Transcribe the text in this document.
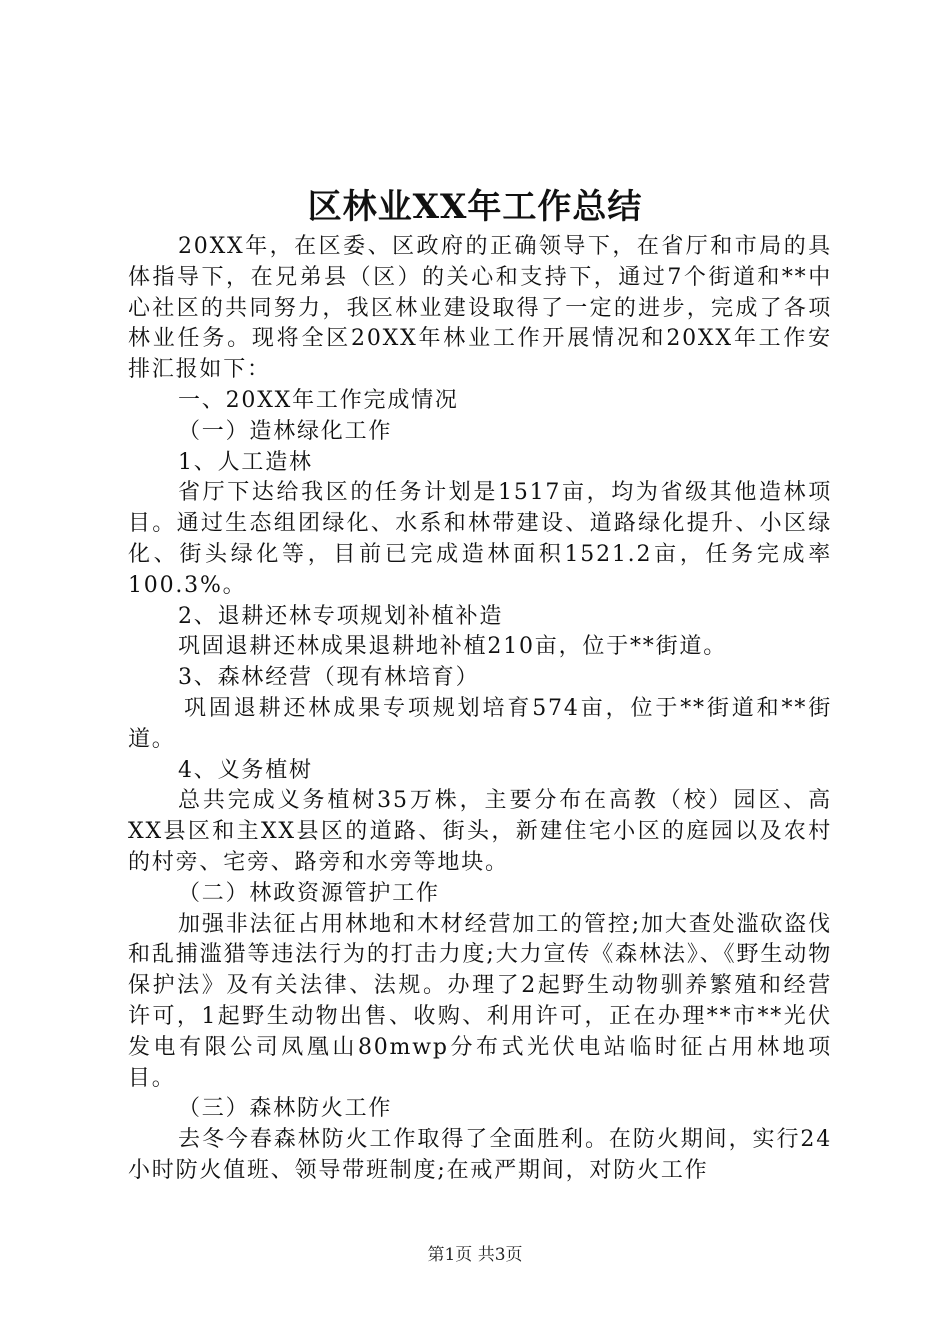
区林业XX年工作总结

20XX年，在区委、区政府的正确领导下，在省厅和市局的具体指导下，在兄弟县（区）的关心和支持下，通过7个街道和**中心社区的共同努力，我区林业建设取得了一定的进步，完成了各项林业任务。现将全区20XX年林业工作开展情况和20XX年工作安排汇报如下：

一、20XX年工作完成情况

（一）造林绿化工作

1、人工造林

省厅下达给我区的任务计划是1517亩，均为省级其他造林项目。通过生态组团绿化、水系和林带建设、道路绿化提升、小区绿化、街头绿化等，目前已完成造林面积1521.2亩，任务完成率100.3%。

2、退耕还林专项规划补植补造

巩固退耕还林成果退耕地补植210亩，位于**街道。

3、森林经营（现有林培育）

巩固退耕还林成果专项规划培育574亩，位于**街道和**街道。

4、义务植树

总共完成义务植树35万株，主要分布在高教（校）园区、高XX县区和主XX县区的道路、街头，新建住宅小区的庭园以及农村的村旁、宅旁、路旁和水旁等地块。

（二）林政资源管护工作

加强非法征占用林地和木材经营加工的管控;加大查处滥砍盗伐和乱捕滥猎等违法行为的打击力度;大力宣传《森林法》、《野生动物保护法》及有关法律、法规。办理了2起野生动物驯养繁殖和经营许可，1起野生动物出售、收购、利用许可，正在办理**市**光伏发电有限公司凤凰山80mwp分布式光伏电站临时征占用林地项目。

（三）森林防火工作

去冬今春森林防火工作取得了全面胜利。在防火期间，实行24小时防火值班、领导带班制度;在戒严期间，对防火工作

第1页 共3页
